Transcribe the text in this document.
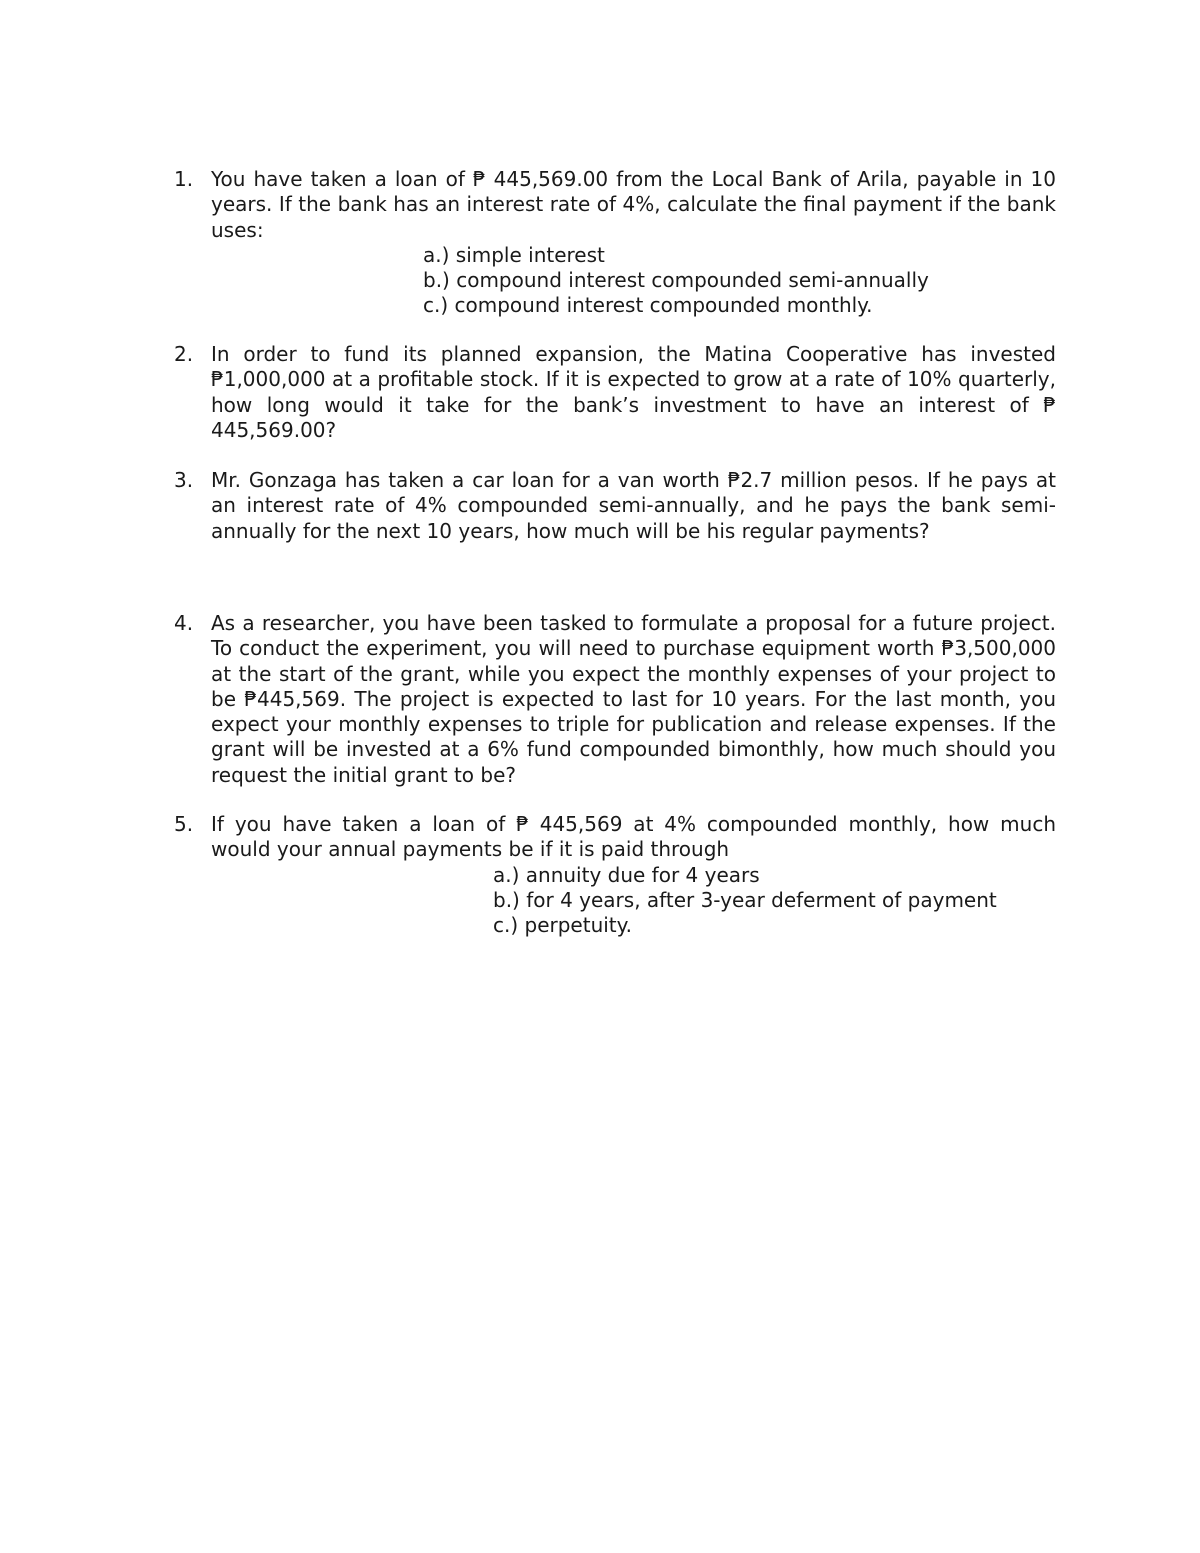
1. You have taken a loan of ₱ 445,569.00 from the Local Bank of Arila, payable in 10 years. If the bank has an interest rate of 4%, calculate the final payment if the bank uses:
a.) simple interest
b.) compound interest compounded semi-annually
c.) compound interest compounded monthly.
2. In order to fund its planned expansion, the Matina Cooperative has invested ₱1,000,000 at a profitable stock. If it is expected to grow at a rate of 10% quarterly, how long would it take for the bank’s investment to have an interest of ₱ 445,569.00?
3. Mr. Gonzaga has taken a car loan for a van worth ₱2.7 million pesos. If he pays at an interest rate of 4% compounded semi-annually, and he pays the bank semi-annually for the next 10 years, how much will be his regular payments?
4. As a researcher, you have been tasked to formulate a proposal for a future project. To conduct the experiment, you will need to purchase equipment worth ₱3,500,000 at the start of the grant, while you expect the monthly expenses of your project to be ₱445,569. The project is expected to last for 10 years. For the last month, you expect your monthly expenses to triple for publication and release expenses. If the grant will be invested at a 6% fund compounded bimonthly, how much should you request the initial grant to be?
5. If you have taken a loan of ₱ 445,569 at 4% compounded monthly, how much would your annual payments be if it is paid through
a.) annuity due for 4 years
b.) for 4 years, after 3-year deferment of payment
c.) perpetuity.
